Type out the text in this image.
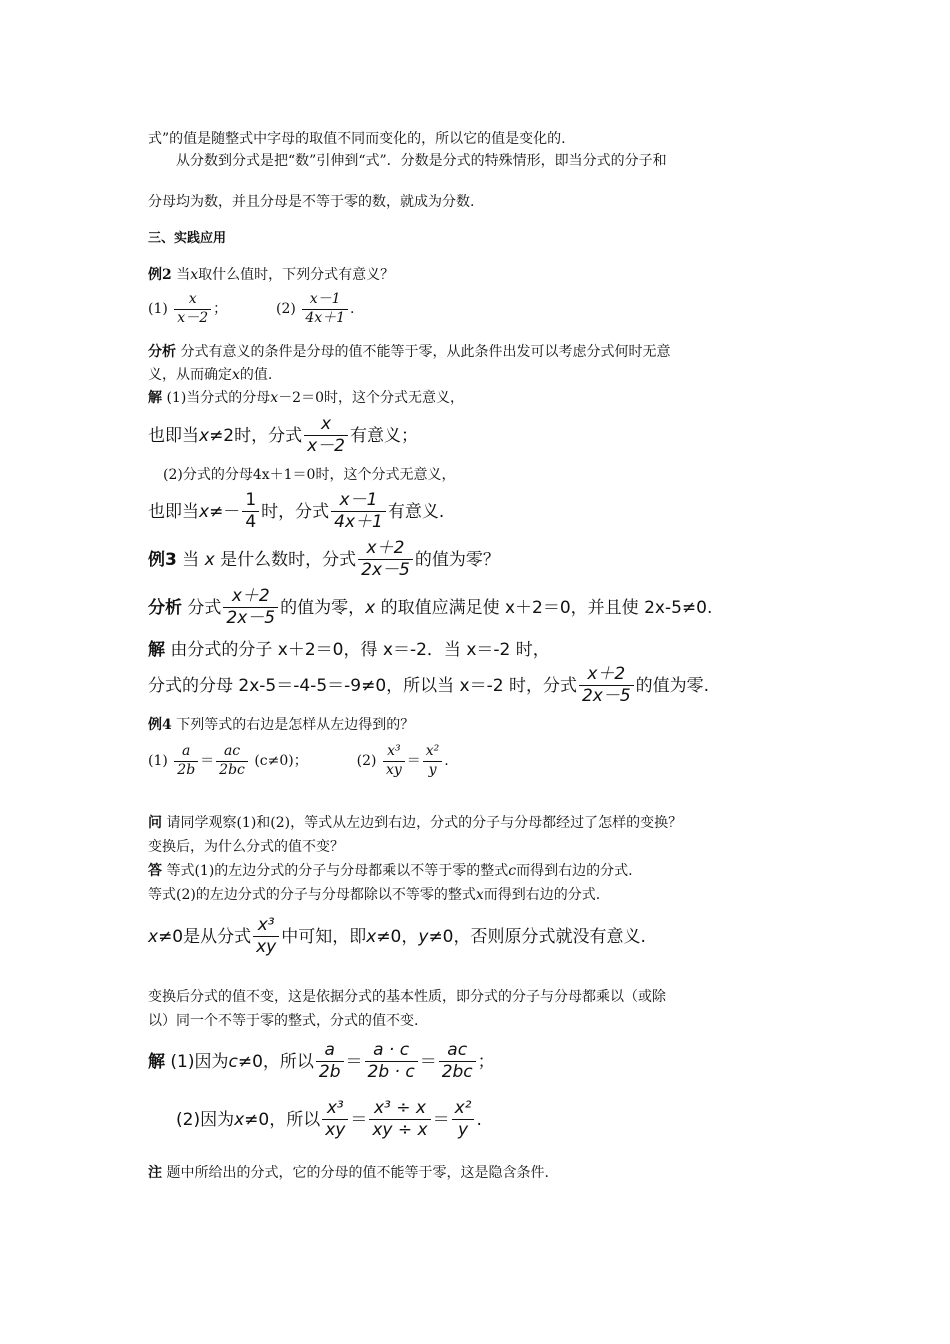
式”的值是随整式中字母的取值不同而变化的，所以它的值是变化的.
从分数到分式是把“数”引伸到“式”．分数是分式的特殊情形，即当分式的分子和
分母均为数，并且分母是不等于零的数，就成为分数.
三、实践应用
例2 当x取什么值时，下列分式有意义？
$(1) \frac{x}{x-2}$ ；	$(2) \frac{x-1}{4x+1}$ .
分析 分式有意义的条件是分母的值不能等于零，从此条件出发可以考虑分式何时无意
义，从而确定x的值.
解 (1)当分式的分母x－2＝0时，这个分式无意义，
也即当x≠2时，分式 $\frac{x}{x-2}$ 有意义；
(2)分式的分母4x＋1＝0时，这个分式无意义，
也即当$x\ne- \frac{1}{4}$ 时，分式 $\frac{x-1}{4x+1}$ 有意义.
例3 当 x 是什么数时，分式 $\frac{x+2}{2x-5}$ 的值为零？
分析 分式 $\frac{x+2}{2x-5}$ 的值为零，x 的取值应满足使 x＋2＝0，并且使 2x-5≠0.
解 由分式的分子 x＋2＝0，得 x＝-2．当 x＝-2 时，
分式的分母 2x-5＝-4-5＝-9≠0，所以当 x＝-2 时，分式 $\frac{x+2}{2x-5}$ 的值为零.
例4 下列等式的右边是怎样从左边得到的？
$(1) \frac{a}{2b} = \frac{ac}{2bc} (c\ne 0)$；	$(2) \frac{\text{x³}}{xy} = \frac{\text{x²}}{y}$ .
问 请同学观察(1)和(2)，等式从左边到右边，分式的分子与分母都经过了怎样的变换？
变换后，为什么分式的值不变？
答 等式(1)的左边分式的分子与分母都乘以不等于零的整式c而得到右边的分式.
等式(2)的左边分式的分子与分母都除以不等零的整式x而得到右边的分式.
x≠0是从分式 $\frac{\text{x³}}{xy}$ 中可知，即x≠0，y≠0，否则原分式就没有意义.
变换后分式的值不变，这是依据分式的基本性质，即分式的分子与分母都乘以（或除
以）同一个不等于零的整式，分式的值不变.
解 (1)因为c≠0，所以 $\frac{a}{2b} = \frac{a \cdot c}{2b \cdot c} = \frac{ac}{2bc}$ ；
(2)因为x≠0，所以 $\frac{\text{x³}}{xy} = \frac{\text{x³ ÷ x}}{xy \div x} = \frac{\text{x²}}{y}$ .
注 题中所给出的分式，它的分母的值不能等于零，这是隐含条件.
